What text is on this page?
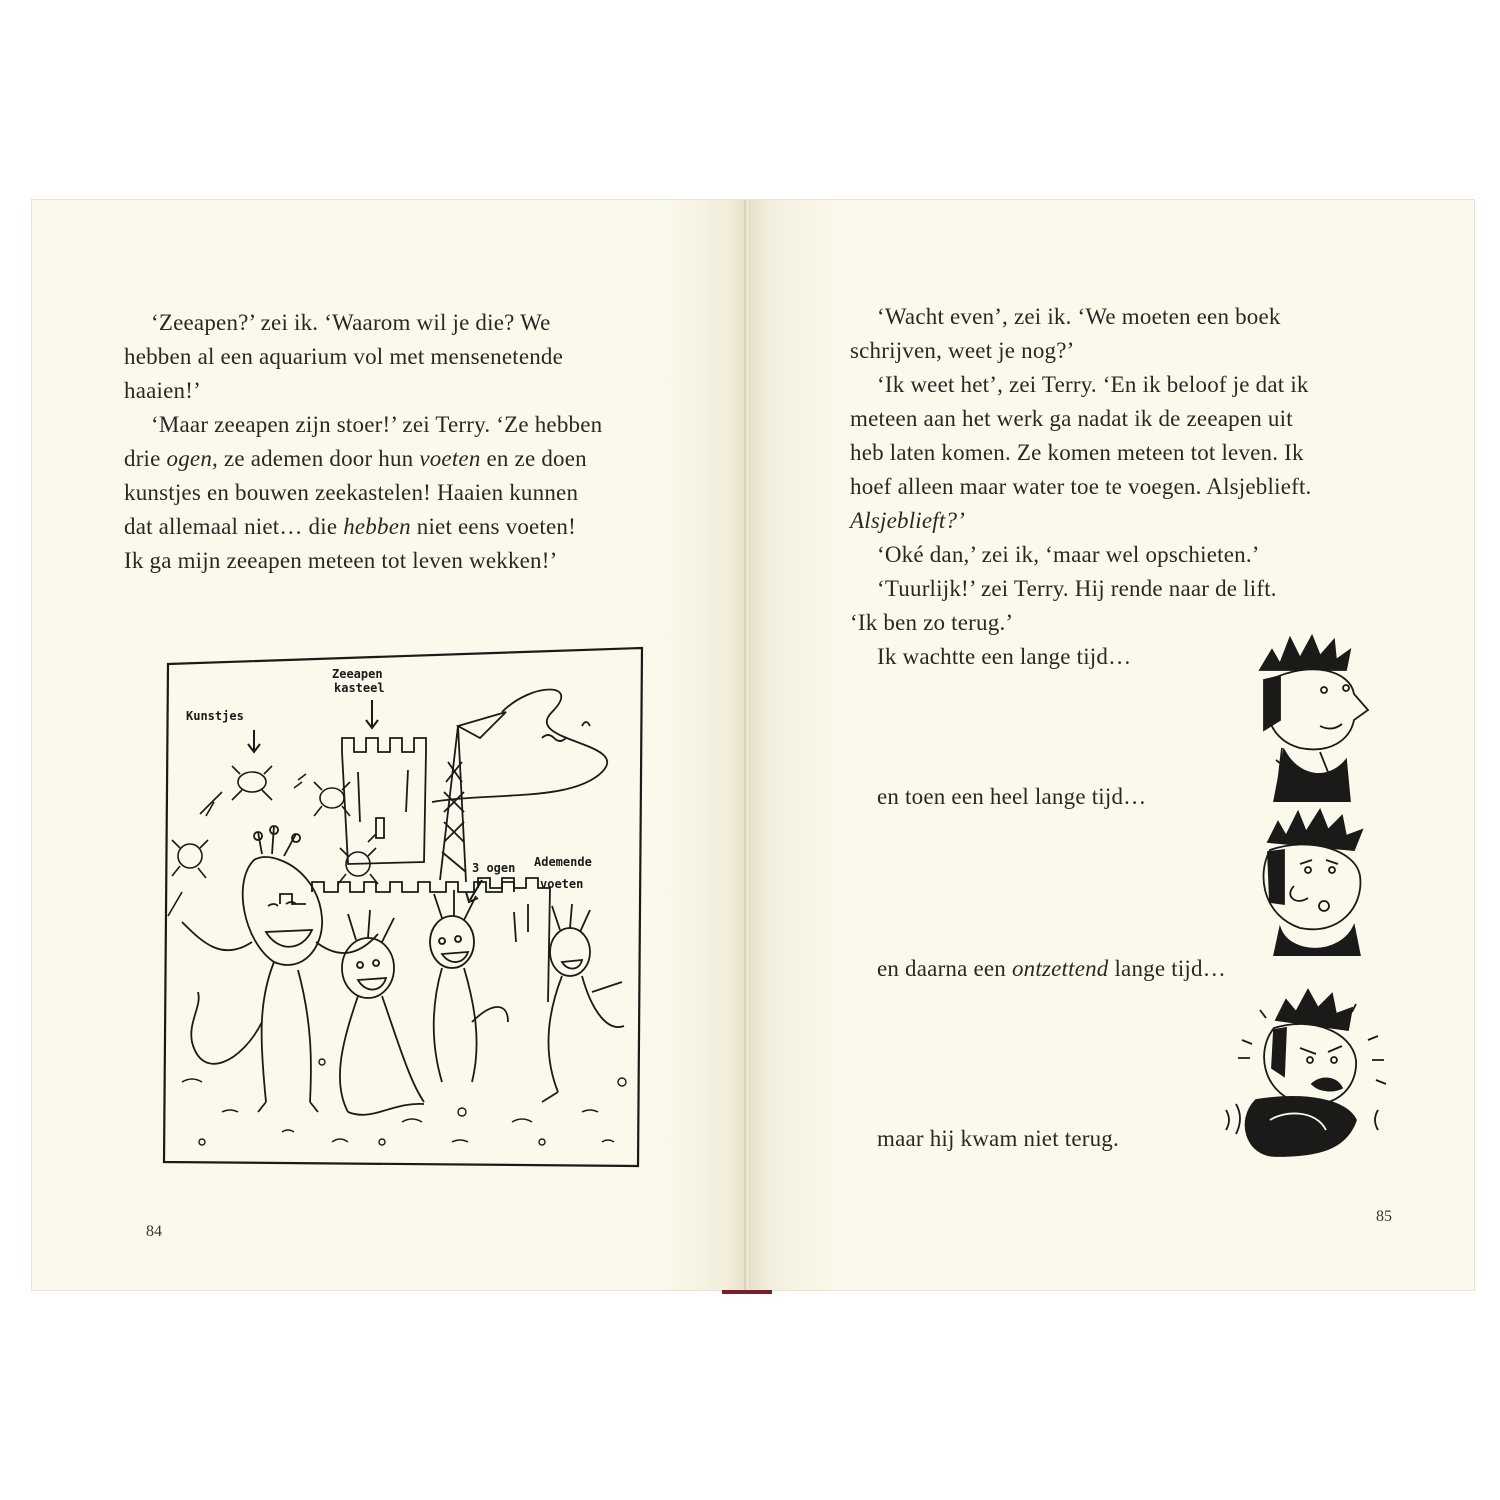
‘Zeeapen?’ zei ik. ‘Waarom wil je die? We
hebben al een aquarium vol met mensenetende
haaien!’

‘Maar zeeapen zijn stoer!’ zei Terry. ‘Ze hebben
drie ogen, ze ademen door hun voeten en ze doen
kunstjes en bouwen zeekastelen! Haaien kunnen
dat allemaal niet… die hebben niet eens voeten!
Ik ga mijn zeeapen meteen tot leven wekken!’

Kunstjes
Zeeapen
kasteel
3 ogen Ademende
voeten
84

‘Wacht even’, zei ik. ‘We moeten een boek
schrijven, weet je nog?’
‘Ik weet het’, zei Terry. ‘En ik beloof je dat ik
meteen aan het werk ga nadat ik de zeeapen uit
heb laten komen. Ze komen meteen tot leven. Ik
hoef alleen maar water toe te voegen. Alsjeblieft.
Alsjeblieft?’
‘Oké dan,’ zei ik, ‘maar wel opschieten.’
‘Tuurlijk!’ zei Terry. Hij rende naar de lift.
‘Ik ben zo terug.’
Ik wachtte een lange tijd…

en toen een heel lange tijd…

en daarna een ontzettend lange tijd…

maar hij kwam niet terug.

85
